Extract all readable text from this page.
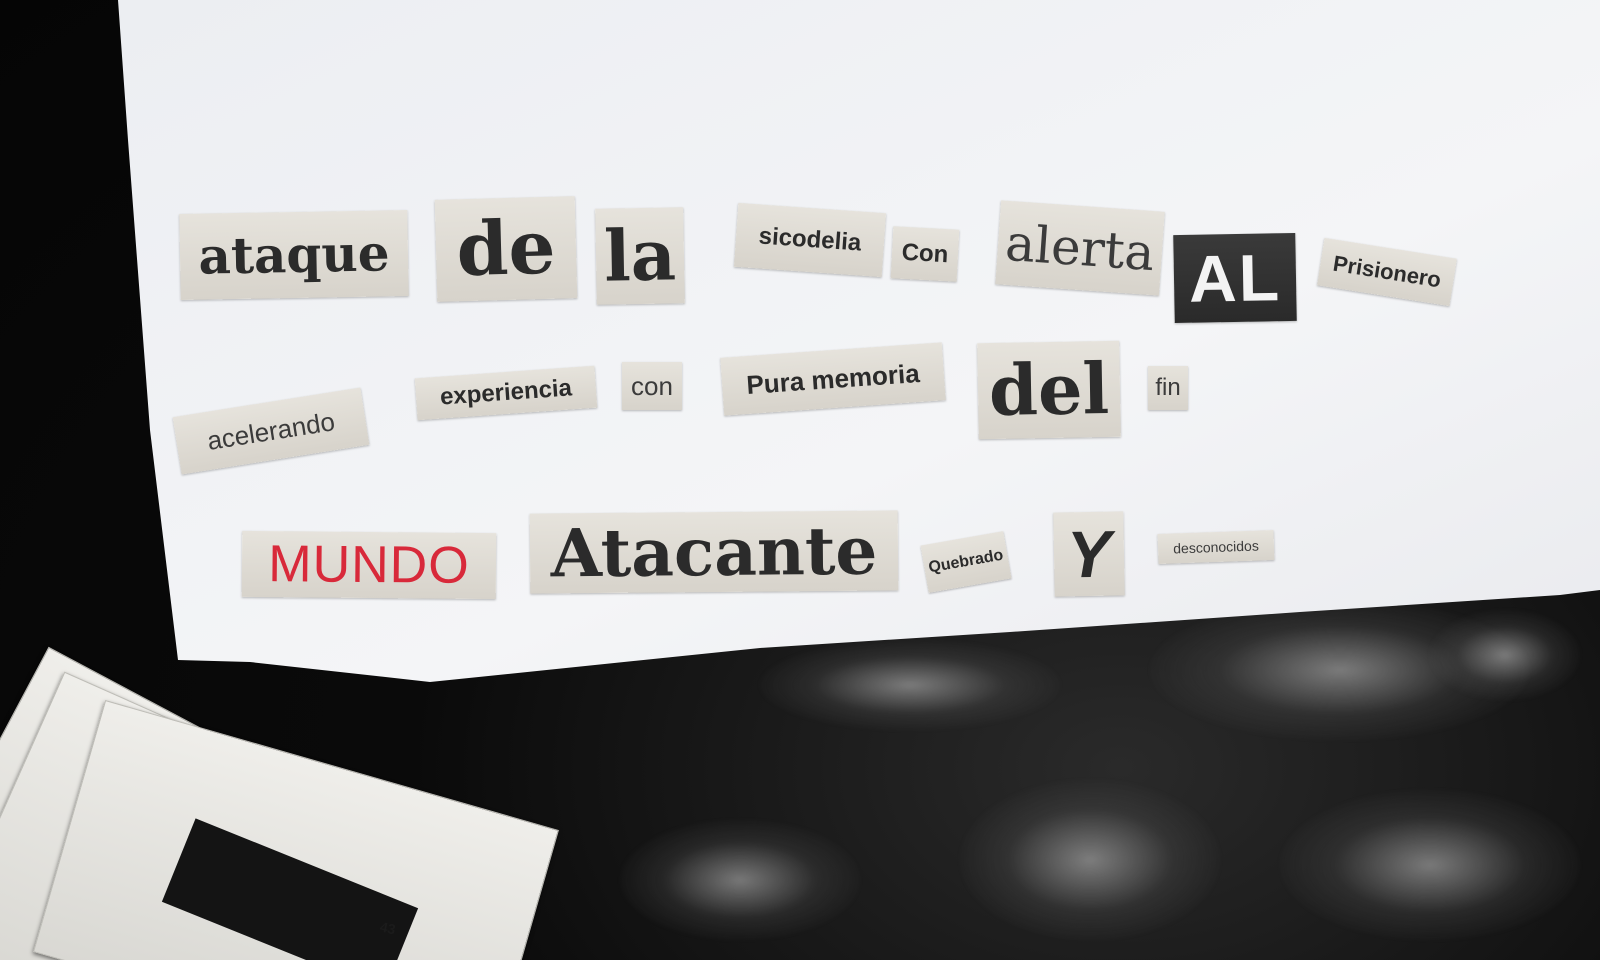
43
ataque de la	sicodelia	Con alerta AL	Prisionero
acelerando
experiencia	con	Pura memoria del	fin
MUNDO	Atacante	Quebrado Y	desconocidos
